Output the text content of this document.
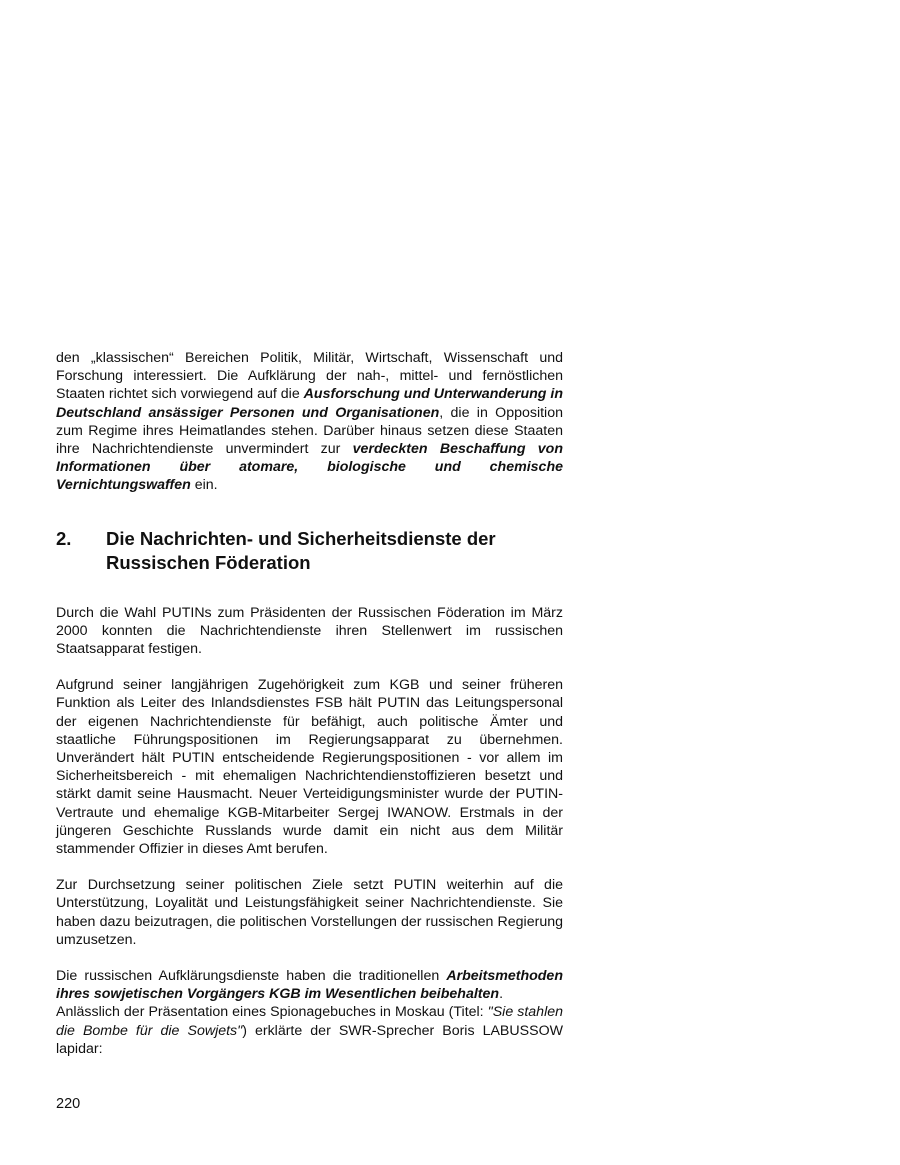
den „klassischen“ Bereichen Politik, Militär, Wirtschaft, Wissenschaft und Forschung interessiert. Die Aufklärung der nah-, mittel- und fernöstlichen Staaten richtet sich vorwiegend auf die Ausforschung und Unterwanderung in Deutschland ansässiger Personen und Organisationen, die in Opposition zum Regime ihres Heimatlandes stehen. Darüber hinaus setzen diese Staaten ihre Nachrichtendienste unvermindert zur verdeckten Beschaffung von Informationen über atomare, biologische und chemische Vernichtungswaffen ein.

2.	Die Nachrichten- und Sicherheitsdienste der Russischen Föderation

Durch die Wahl PUTINs zum Präsidenten der Russischen Föderation im März 2000 konnten die Nachrichtendienste ihren Stellenwert im russischen Staatsapparat festigen.

Aufgrund seiner langjährigen Zugehörigkeit zum KGB und seiner früheren Funktion als Leiter des Inlandsdienstes FSB hält PUTIN das Leitungspersonal der eigenen Nachrichtendienste für befähigt, auch politische Ämter und staatliche Führungspositionen im Regierungsapparat zu übernehmen. Unverändert hält PUTIN entscheidende Regierungspositionen - vor allem im Sicherheitsbereich - mit ehemaligen Nachrichtendienstoffizieren besetzt und stärkt damit seine Hausmacht. Neuer Verteidigungsminister wurde der PUTIN-Vertraute und ehemalige KGB-Mitarbeiter Sergej IWANOW. Erstmals in der jüngeren Geschichte Russlands wurde damit ein nicht aus dem Militär stammender Offizier in dieses Amt berufen.

Zur Durchsetzung seiner politischen Ziele setzt PUTIN weiterhin auf die Unterstützung, Loyalität und Leistungsfähigkeit seiner Nachrichtendienste. Sie haben dazu beizutragen, die politischen Vorstellungen der russischen Regierung umzusetzen.

Die russischen Aufklärungsdienste haben die traditionellen Arbeitsmethoden ihres sowjetischen Vorgängers KGB im Wesentlichen beibehalten.
Anlässlich der Präsentation eines Spionagebuches in Moskau (Titel: "Sie stahlen die Bombe für die Sowjets") erklärte der SWR-Sprecher Boris LABUSSOW lapidar:

220
